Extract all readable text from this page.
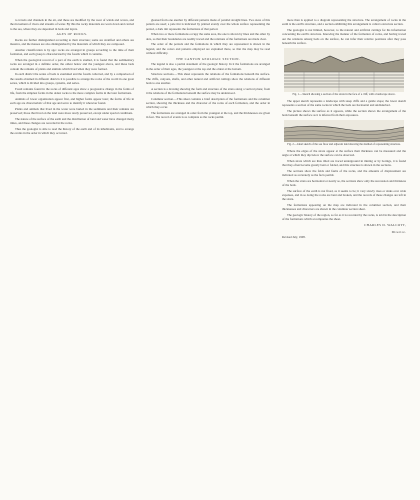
to travels and channels in the air, and these are modified by the wear of winds and waves, and the movement of rivers and streams of water. By this the rocky materials are worn down and carried to the sea, where they are deposited in beds and layers.

AGES OF ROCKS.

Rocks are further distinguished according to their structure; some are stratified and others are massive, and the masses are also distinguished by the materials of which they are composed.

Another classification is by age: rocks are arranged in groups according to the time of their formation, and each group is characterized by the fossils which it contains.

When the geological record of a part of the earth is studied, it is found that the sedimentary rocks are arranged in a definite order, the oldest below and the youngest above, and these beds contain the remains of plants and animals which lived when they were formed.

In each district the series of beds is examined and the fossils collected, and by a comparison of the results obtained in different districts it is possible to arrange the rocks of the world in one great series, which is divided into groups, systems, and series.

Fossil remains found in the rocks of different ages show a progressive change in the forms of life, from the simplest forms in the oldest rocks to the more complex forms in the later formations.

Animals of lower organization appear first, and higher forms appear later; the forms of life in each age are characteristic of that age and serve to identify it wherever found.

Plants and animals that lived in the water were buried in the sediments and their remains are preserved; those that lived on the land were more rarely preserved, except under special conditions.

The nature of the surface of the earth and the distribution of land and water have changed many times, and these changes are recorded in the rocks.

Thus the geologist is able to read the history of the earth and of its inhabitants, and to arrange the events in the order in which they occurred.

gleaned from one another by different patterns made of parallel straight lines. Two sizes of this pattern are used; a pale tint is indicated by printed evenly over the whole surface representing the period, a dark tint represents the formations of that period.

When two or more formations occupy the same area, the one is shown by lines and the other by dots, so that their boundaries are readily traced and the relations of the formations are made clear.

The order of the periods and the formations in which they are represented is shown in the legend, and the colors and patterns employed are explained there, so that the map may be read without difficulty.

THE CANYON GEOLOGIC SECTION.

The legend is also a partial statement of the geologic history. In it the formations are arranged in the order of their ages, the youngest at the top and the oldest at the bottom.

Structure sections.—This sheet represents the relations of the formations beneath the surface. The cliffs, canyons, shafts, and other natural and artificial cuttings show the relations of different beds to one another.

A section is a drawing showing the form and structure of the strata along a vertical plane; from it the relations of the formations beneath the surface may be understood.

Columnar section.—This sheet contains a brief description of the formations and the columnar section, showing the thickness and the character of the rocks of each formation, and the order in which they occur.

The formations are arranged in order from the youngest at the top, and the thicknesses are given in feet. The record of events is as complete as the rocks permit.

more than is applied to a diagram representing the structure. The arrangement of rocks in the earth is the earth's structure, and a section exhibiting this arrangement is called a structure section.

The geologist is not limited, however, to the natural and artificial cuttings for his information concerning the earth's structure. Knowing the manner of the formation of rocks, and having traced out the relations among beds on the surface, he can infer their relative positions after they pass beneath the surface.

Fig. 1.—Sketch showing a section of the strata in the face of a cliff, with a landscape above.

The upper sketch represents a landscape with steep cliffs and a gentle slope; the lower sketch represents a section of the same rocks in which the beds are horizontal and undisturbed.

The picture shows the surface as it appears, while the section shows the arrangement of the beds beneath the surface as it is inferred from their exposures.

Fig. 2.—Ideal sketch of the sea floor and adjacent land showing the method of representing structure.

Where the edges of the strata appear at the surface their thickness can be measured and the angle at which they dip below the surface can be observed.

When strata which are thus tilted are traced underground in mining or by borings, it is found that they often become greatly bent or folded, and this structure is shown in the sections.

The sections show the folds and faults of the rocks, and the amounts of displacement are indicated as accurately as the facts permit.

When the strata are horizontal or nearly so, the sections show only the succession and thickness of the beds.

The surface of the earth is not fixed, as it seems to be; it very slowly rises or sinks over wide expanses, and in so doing the rocks are bent and broken, and the records of these changes are left in the strata.

The formations appearing on the map are indicated in the columnar section, and their thicknesses and characters are shown in the columnar section sheet.

The geologic history of the region, so far as it is recorded by the rocks, is told in the description of the formations which accompanies the sheet.

CHARLES D. WALCOTT,
Director.
Revised July, 1908.
